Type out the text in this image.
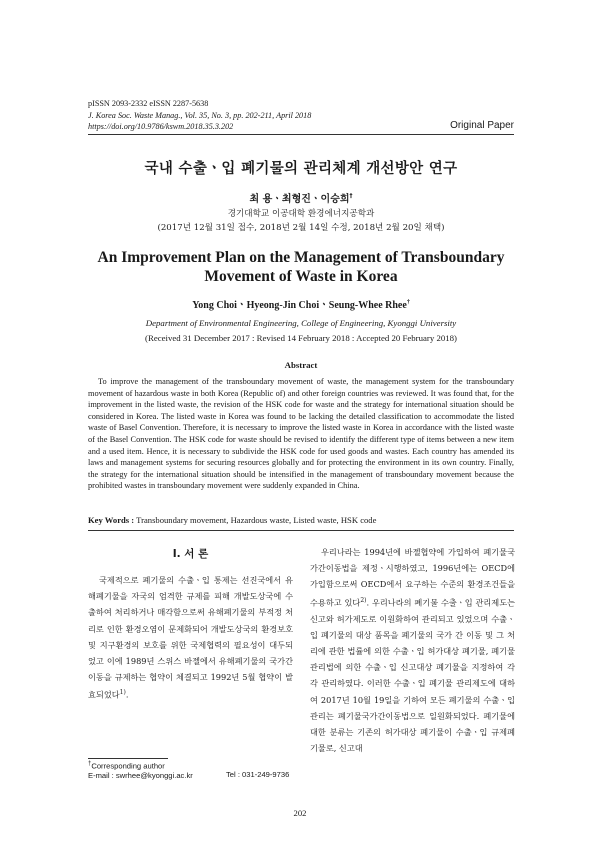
pISSN 2093-2332 eISSN 2287-5638
J. Korea Soc. Waste Manag., Vol. 35, No. 3, pp. 202-211, April 2018
https://doi.org/10.9786/kswm.2018.35.3.202	Original Paper
국내 수출ㆍ입 폐기물의 관리체계 개선방안 연구
최 용ㆍ최형진ㆍ이승희†
경기대학교 이공대학 환경에너지공학과
(2017년 12월 31일 접수, 2018년 2월 14일 수정, 2018년 2월 20일 채택)
An Improvement Plan on the Management of Transboundary Movement of Waste in Korea
Yong ChoiㆍHyeong-Jin ChoiㆍSeung-Whee Rhee†
Department of Environmental Engineering, College of Engineering, Kyonggi University
(Received 31 December 2017 : Revised 14 February 2018 : Accepted 20 February 2018)
Abstract
To improve the management of the transboundary movement of waste, the management system for the transboundary movement of hazardous waste in both Korea (Republic of) and other foreign countries was reviewed. It was found that, for the improvement in the listed waste, the revision of the HSK code for waste and the strategy for international situation should be considered in Korea. The listed waste in Korea was found to be lacking the detailed classification to accommodate the listed waste of Basel Convention. Therefore, it is necessary to improve the listed waste in Korea in accordance with the listed waste of the Basel Convention. The HSK code for waste should be revised to identify the different type of items between a new item and a used item. Hence, it is necessary to subdivide the HSK code for used goods and wastes. Each country has amended its laws and management systems for securing resources globally and for protecting the environment in its own country. Finally, the strategy for the international situation should be intensified in the management of transboundary movement because the prohibited wastes in transboundary movement were suddenly expanded in China.
Key Words : Transboundary movement, Hazardous waste, Listed waste, HSK code
I. 서 론
국제적으로 폐기물의 수출ㆍ입 통제는 선진국에서 유해폐기물을 자국의 엄격한 규제를 피해 개발도상국에 수출하여 처리하거나 매각함으로써 유해폐기물의 부적정 처리로 인한 환경오염이 문제화되어 개발도상국의 환경보호 및 지구환경의 보호를 위한 국제협력의 필요성이 대두되었고 이에 1989년 스위스 바젤에서 유해폐기물의 국가간 이동을 규제하는 협약이 체결되고 1992년 5월 협약이 발효되었다$^{1)}$.
우리나라는 1994년에 바젤협약에 가입하여 폐기물국가간이동법을 제정ㆍ시행하였고, 1996년에는 OECD에 가입함으로써 OECD에서 요구하는 수준의 환경조건들을 수용하고 있다$^{2)}$. 우리나라의 폐기물 수출ㆍ입 관리제도는 신고와 허가제도로 이원화하여 관리되고 있었으며 수출ㆍ입 폐기물의 대상 품목을 폐기물의 국가 간 이동 및 그 처리에 관한 법률에 의한 수출ㆍ입 허가대상 폐기물, 폐기물관리법에 의한 수출ㆍ입 신고대상 폐기물을 지정하여 각각 관리하였다. 이러한 수출ㆍ입 폐기물 관리제도에 대하여 2017년 10월 19일을 기하여 모든 폐기물의 수출ㆍ입 관리는 폐기물국가간이동법으로 일원화되었다. 폐기물에 대한 분류는 기존의 허가대상 폐기물이 수출ㆍ입 규제폐기물로, 신고대
†Corresponding author
E-mail : swrhee@kyonggi.ac.kr	Tel : 031-249-9736
202
